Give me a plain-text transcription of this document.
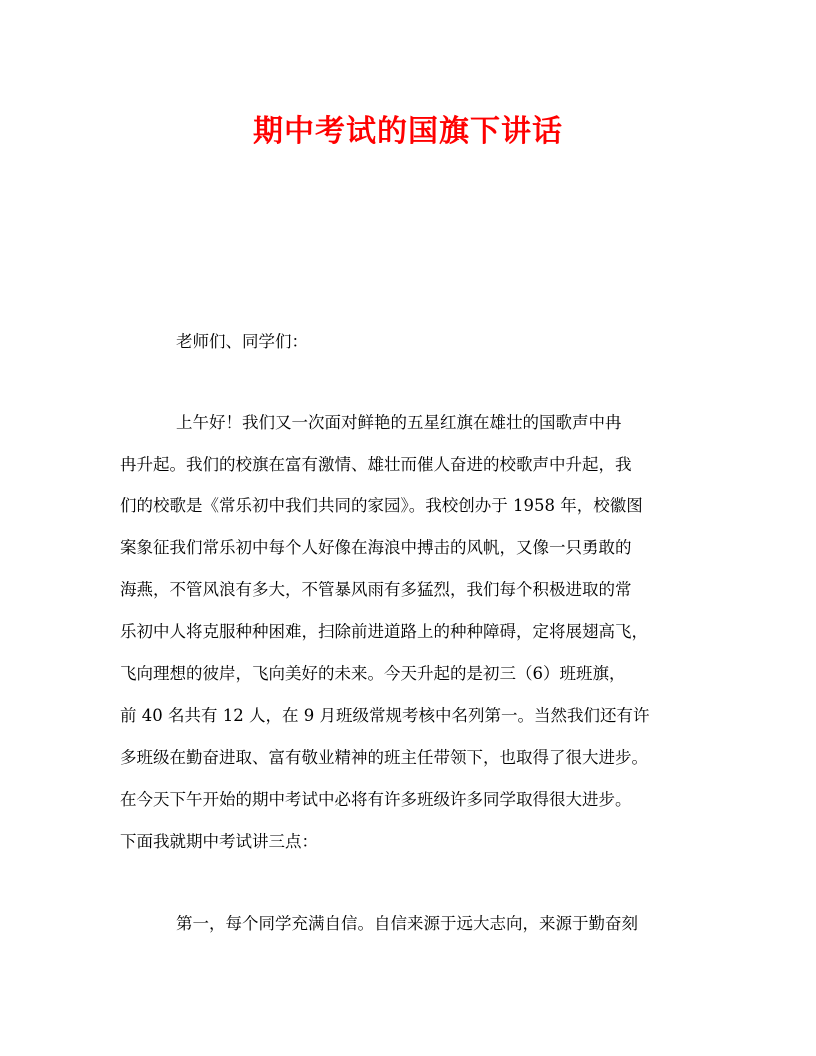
期中考试的国旗下讲话
老师们、同学们：
上午好！我们又一次面对鲜艳的五星红旗在雄壮的国歌声中冉
冉升起。我们的校旗在富有激情、雄壮而催人奋进的校歌声中升起，我
们的校歌是《常乐初中我们共同的家园》。我校创办于 1958 年，校徽图
案象征我们常乐初中每个人好像在海浪中搏击的风帆，又像一只勇敢的
海燕，不管风浪有多大，不管暴风雨有多猛烈，我们每个积极进取的常
乐初中人将克服种种困难，扫除前进道路上的种种障碍，定将展翅高飞，
飞向理想的彼岸，飞向美好的未来。今天升起的是初三（6）班班旗，
前 40 名共有 12 人，在 9 月班级常规考核中名列第一。当然我们还有许
多班级在勤奋进取、富有敬业精神的班主任带领下，也取得了很大进步。
在今天下午开始的期中考试中必将有许多班级许多同学取得很大进步。
下面我就期中考试讲三点：
第一，每个同学充满自信。自信来源于远大志向，来源于勤奋刻
